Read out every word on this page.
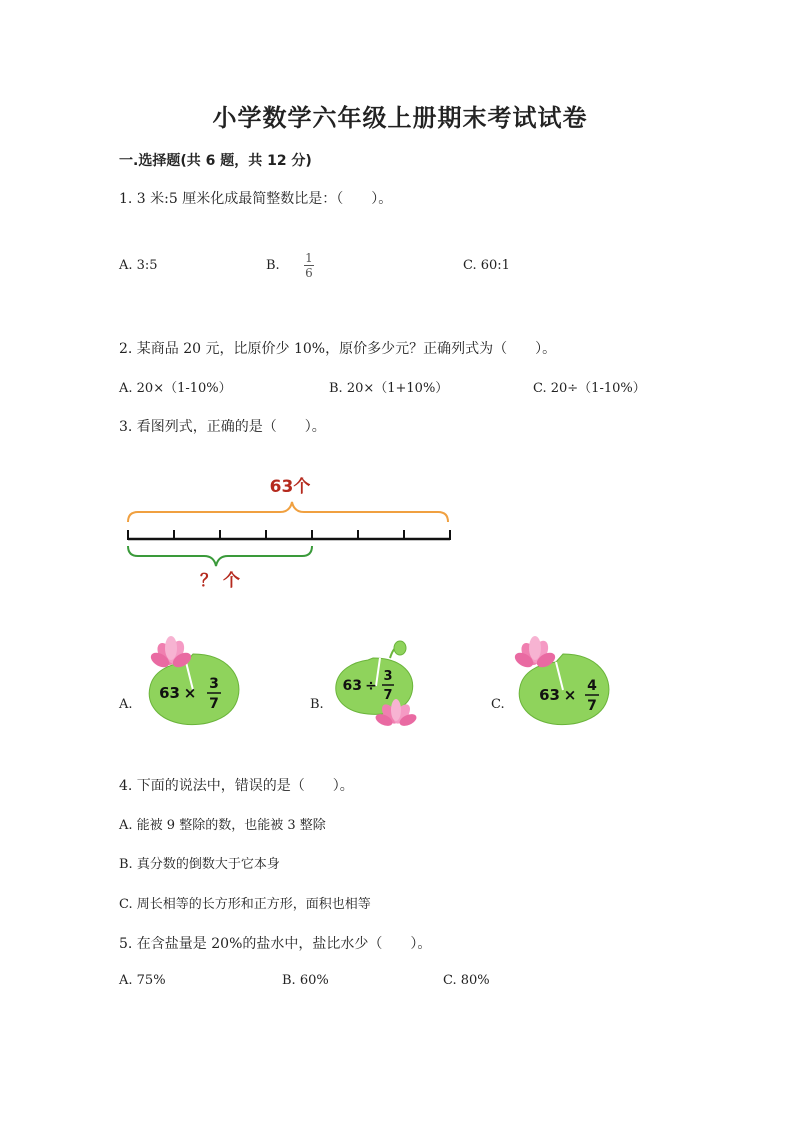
小学数学六年级上册期末考试试卷
一.选择题(共 6 题，共 12 分)
1. 3 米:5 厘米化成最简整数比是：（　　）。
A. 3:5	B. 1
6	C. 60:1
2. 某商品 20 元，比原价少 10%，原价多少元？正确列式为（　　）。
A. 20×（1-10%）	B. 20×（1+10%）	C. 20÷（1-10%）
3. 看图列式，正确的是（　　）。
63个
？ 个
A.	B.	C.
63 × 3
7
63 ÷
3
7	63 × 4
7
4. 下面的说法中，错误的是（　　）。
A. 能被 9 整除的数，也能被 3 整除
B. 真分数的倒数大于它本身
C. 周长相等的长方形和正方形，面积也相等
5. 在含盐量是 20%的盐水中，盐比水少（　　）。
A. 75%	B. 60%	C. 80%
